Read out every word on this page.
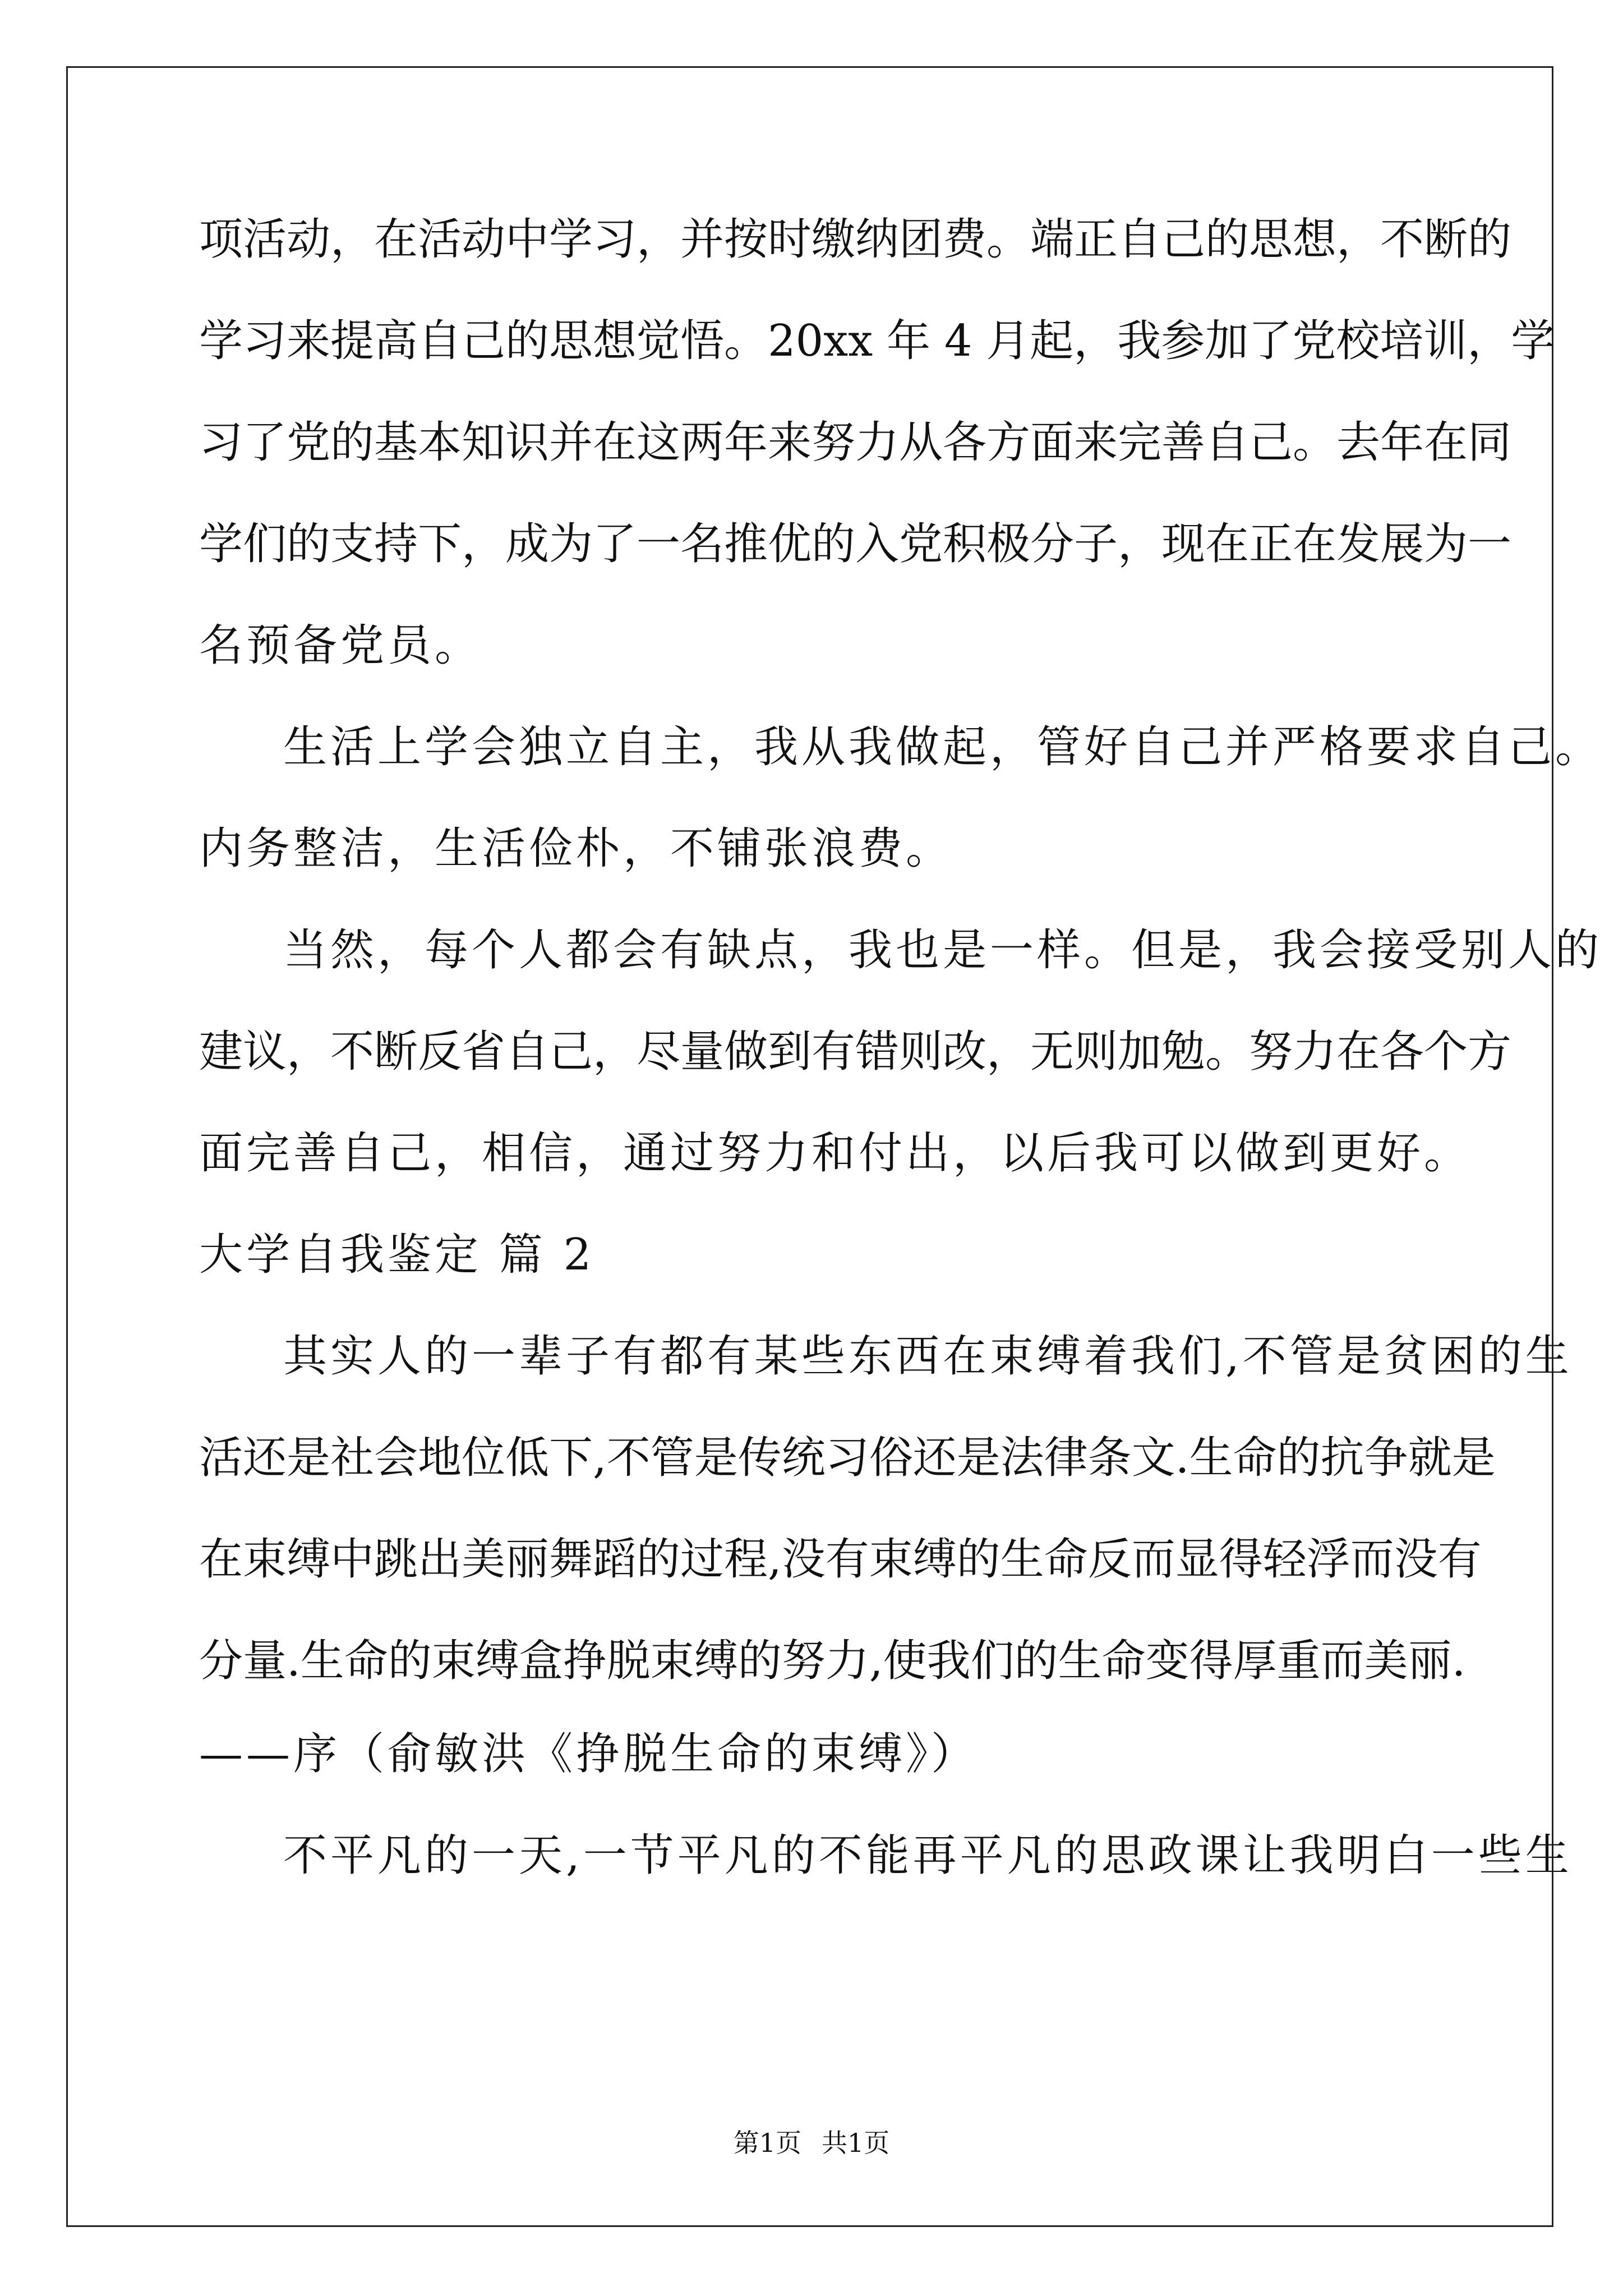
项活动，在活动中学习，并按时缴纳团费。端正自己的思想，不断的
学习来提高自己的思想觉悟。20xx 年 4 月起，我参加了党校培训，学
习了党的基本知识并在这两年来努力从各方面来完善自己。去年在同
学们的支持下，成为了一名推优的入党积极分子，现在正在发展为一
名预备党员。
生活上学会独立自主，我从我做起，管好自己并严格要求自己。
内务整洁，生活俭朴，不铺张浪费。
当然，每个人都会有缺点，我也是一样。但是，我会接受别人的
建议，不断反省自己，尽量做到有错则改，无则加勉。努力在各个方
面完善自己，相信，通过努力和付出，以后我可以做到更好。
大学自我鉴定 篇 2
其实人的一辈子有都有某些东西在束缚着我们,不管是贫困的生
活还是社会地位低下,不管是传统习俗还是法律条文.生命的抗争就是
在束缚中跳出美丽舞蹈的过程,没有束缚的生命反而显得轻浮而没有
分量.生命的束缚盒挣脱束缚的努力,使我们的生命变得厚重而美丽.
——序（俞敏洪《挣脱生命的束缚》）
不平凡的一天,一节平凡的不能再平凡的思政课让我明白一些生
第1页 共1页
